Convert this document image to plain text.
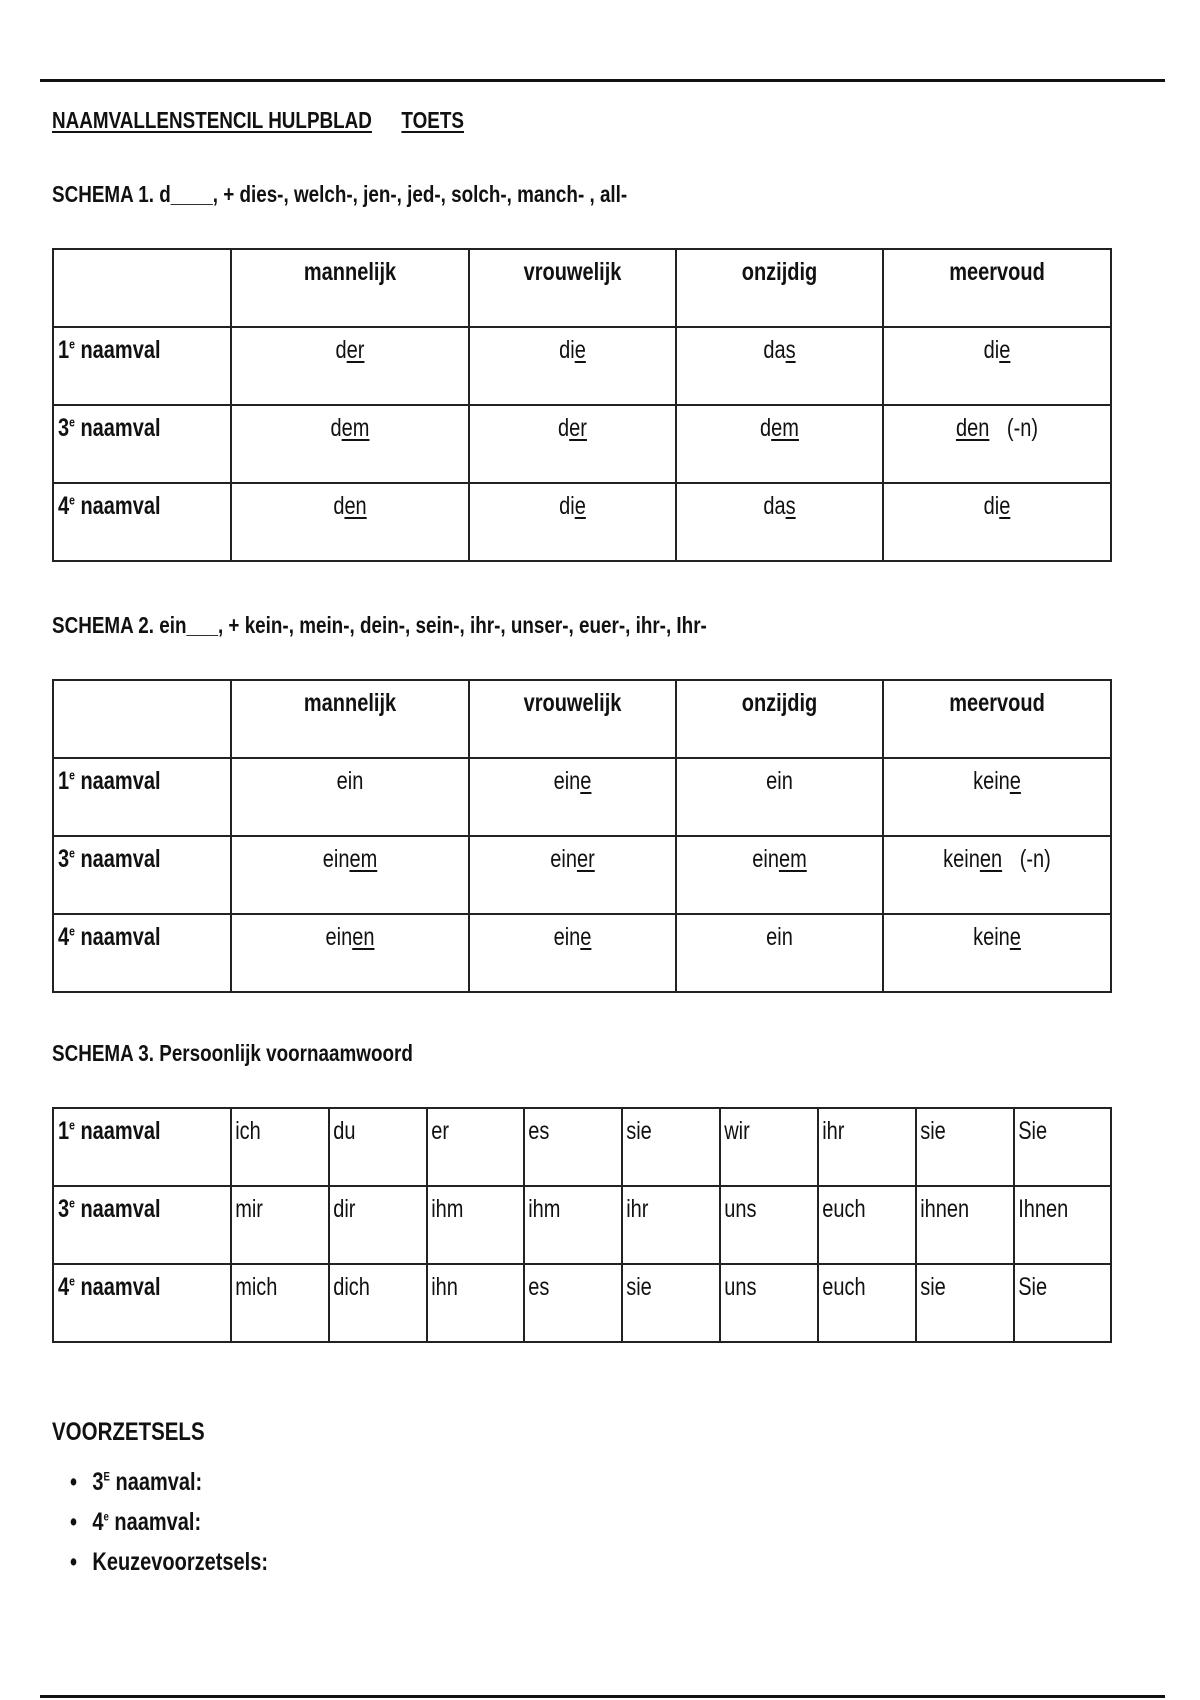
NAAMVALLENSTENCIL HULPBLAD TOETS
SCHEMA 1. d____, + dies-, welch-, jen-, jed-, solch-, manch- , all-

	mannelijk	vrouwelijk	onzijdig	meervoud

1e naamval	der	die	das	die

3e naamval	dem	der	dem	den (-n)

4e naamval	den	die	das	die
SCHEMA 2. ein___, + kein-, mein-, dein-, sein-, ihr-, unser-, euer-, ihr-, Ihr-

	mannelijk	vrouwelijk	onzijdig	meervoud

1e naamval	ein	eine	ein	keine

3e naamval	einem	einer	einem	keinen (-n)

4e naamval	einen	eine	ein	keine
SCHEMA 3. Persoonlijk voornaamwoord
1e naamval	ich	du	er	es	sie	wir	ihr	sie	Sie

3e naamval	mir	dir	ihm	ihm	ihr	uns	euch	ihnen	Ihnen

4e naamval	mich	dich	ihn	es	sie	uns	euch	sie	Sie
VOORZETSELS
• $3^E$ naamval:
• 4e naamval:
• Keuzevoorzetsels:
